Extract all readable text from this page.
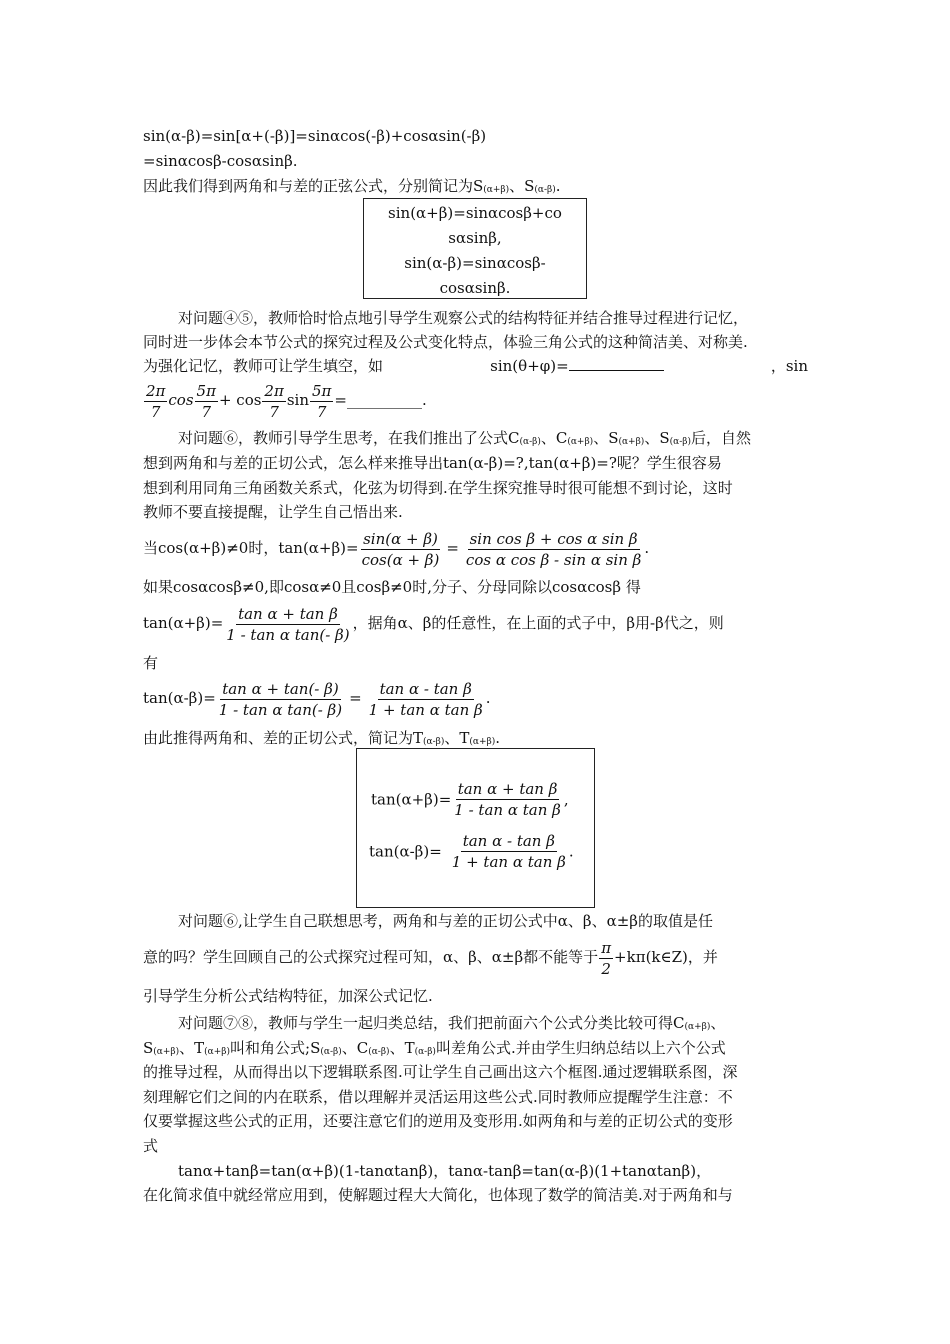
sin(α-β)=sin[α+(-β)]=sinαcos(-β)+cosαsin(-β)
=sinαcosβ-cosαsinβ.
因此我们得到两角和与差的正弦公式，分别简记为$S_{(\alpha+\beta)}$、$S_{(\alpha-\beta)}$.
sin(α+β)=sinαcosβ+co
sαsinβ,
sin(α-β)=sinαcosβ-
cosαsinβ.
对问题④⑤，教师恰时恰点地引导学生观察公式的结构特征并结合推导过程进行记忆，
同时进一步体会本节公式的探究过程及公式变化特点，体验三角公式的这种简洁美、对称美.
为强化记忆，教师可让学生填空，如	sin(θ+φ)=	，sin
$\frac{2\pi}{7}$ $\cos \frac{5\pi}{7} + \cos \frac{2\pi}{7}$ $\sin \frac{5\pi}{7}$ =__________.
对问题⑥，教师引导学生思考，在我们推出了公式$C_{(\alpha-\beta)}$、$C_{(\alpha+\beta)}$、$S_{(\alpha+\beta)}$、$S_{(\alpha-\beta)}$后，自然
想到两角和与差的正切公式，怎么样来推导出tan(α-β)=?,tan(α+β)=?呢？学生很容易
想到利用同角三角函数关系式，化弦为切得到.在学生探究推导时很可能想不到讨论，这时
教师不要直接提醒，让学生自己悟出来.
当cos(α+β)≠0时，$\tan(\alpha+\beta)= \frac{\sin(\alpha + \beta)}{\cos(\alpha + \beta)} = \frac{\text{sin cos β + cos α sin β}}{\text{cos α cos β - sin α sin β}}$ .
如果cosαcosβ≠0,即cosα≠0且cosβ≠0时,分子、分母同除以cosαcosβ 得
$\tan(\alpha+\beta)= \frac{\text{tan α + tan β}}{\text{1 - tan α tan(- β)}}$ ，据角α、β的任意性，在上面的式子中，β用-β代之，则
有
$\tan(\alpha-\beta)= \frac{\text{tan α + tan(- β)}}{\text{1 - tan α tan(- β)}} = \frac{\text{tan α - tan β}}{\text{1 + tan α tan β}}$ .
由此推得两角和、差的正切公式，简记为$T_{(\alpha-\beta)}$、$T_{(\alpha+\beta)}$.
$\tan(\alpha+\beta)= \frac{\text{tan α + tan β}}{\text{1 - tan α tan β}}$ ,
$\tan(\alpha-\beta)= \frac{\text{tan α - tan β}}{\text{1 + tan α tan β}}$ .
对问题⑥,让学生自己联想思考，两角和与差的正切公式中α、β、α±β的取值是任
意的吗？学生回顾自己的公式探究过程可知，α、β、α±β都不能等于 $\frac{\pi}{2}$ +kπ(k∈Z)，并
引导学生分析公式结构特征，加深公式记忆.
对问题⑦⑧，教师与学生一起归类总结，我们把前面六个公式分类比较可得$C_{(\alpha+\beta)}$、
$S_{(\alpha+\beta)}$、$T_{(\alpha+\beta)}$叫和角公式$;S_{(\alpha-\beta)}$、$C_{(\alpha-\beta)}$、$T_{(\alpha-\beta)}$叫差角公式.并由学生归纳总结以上六个公式
的推导过程，从而得出以下逻辑联系图.可让学生自己画出这六个框图.通过逻辑联系图，深
刻理解它们之间的内在联系，借以理解并灵活运用这些公式.同时教师应提醒学生注意：不
仅要掌握这些公式的正用，还要注意它们的逆用及变形用.如两角和与差的正切公式的变形
式
tanα+tanβ=tan(α+β)(1-tanαtanβ)，tanα-tanβ=tan(α-β)(1+tanαtanβ)，
在化简求值中就经常应用到，使解题过程大大简化，也体现了数学的简洁美.对于两角和与
